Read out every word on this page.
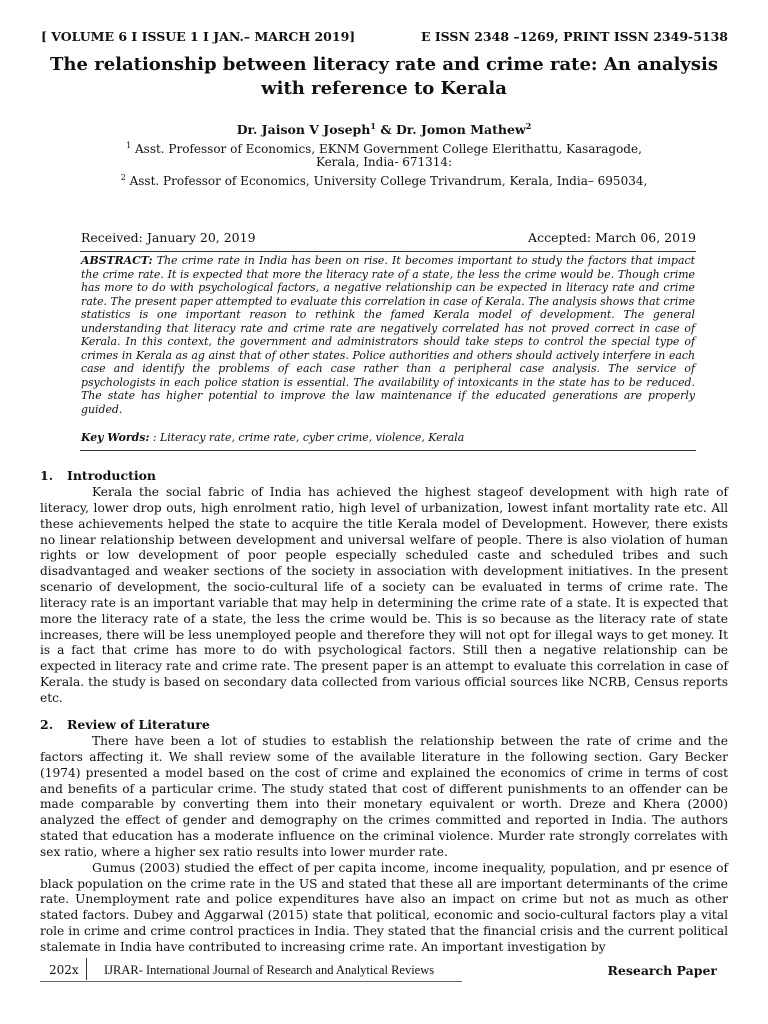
[ VOLUME 6 I ISSUE 1 I JAN.– MARCH 2019]	E ISSN 2348 –1269, PRINT ISSN 2349-5138
The relationship between literacy rate and crime rate: An analysis with reference to Kerala
Dr. Jaison V Joseph$^1$ & Dr. Jomon Mathew$^2$
$^1$ Asst. Professor of Economics, EKNM Government College Elerithattu, Kasaragode,
Kerala, India- 671314:
$^2$ Asst. Professor of Economics, University College Trivandrum, Kerala, India– 695034,
Received: January 20, 2019	Accepted: March 06, 2019
ABSTRACT: The crime rate in India has been on rise. It becomes important to study the factors that impact the crime rate. It is expected that more the literacy rate of a state, the less the crime would be. Though crime has more to do with psychological factors, a negative relationship can be expected in literacy rate and crime rate. The present paper attempted to evaluate this correlation in case of Kerala. The analysis shows that crime statistics is one important reason to rethink the famed Kerala model of development. The general understanding that literacy rate and crime rate are negatively correlated has not proved correct in case of Kerala. In this context, the government and administrators should take steps to control the special type of crimes in Kerala as ag ainst that of other states. Police authorities and others should actively interfere in each case and identify the problems of each case rather than a peripheral case analysis. The service of psychologists in each police station is essential. The availability of intoxicants in the state has to be reduced. The state has higher potential to improve the law maintenance if the educated generations are properly guided.
Key Words: : Literacy rate, crime rate, cyber crime, violence, Kerala
1. Introduction

Kerala the social fabric of India has achieved the highest stageof development with high rate of literacy, lower drop outs, high enrolment ratio, high level of urbanization, lowest infant mortality rate etc. All these achievements helped the state to acquire the title Kerala model of Development. However, there exists no linear relationship between development and universal welfare of people. There is also violation of human rights or low development of poor people especially scheduled caste and scheduled tribes and such disadvantaged and weaker sections of the society in association with development initiatives. In the present scenario of development, the socio-cultural life of a society can be evaluated in terms of crime rate. The literacy rate is an important variable that may help in determining the crime rate of a state. It is expected that more the literacy rate of a state, the less the crime would be. This is so because as the literacy rate of state increases, there will be less unemployed people and therefore they will not opt for illegal ways to get money. It is a fact that crime has more to do with psychological factors. Still then a negative relationship can be expected in literacy rate and crime rate. The present paper is an attempt to evaluate this correlation in case of Kerala. the study is based on secondary data collected from various official sources like NCRB, Census reports etc.

2. Review of Literature

There have been a lot of studies to establish the relationship between the rate of crime and the factors affecting it. We shall review some of the available literature in the following section. Gary Becker (1974) presented a model based on the cost of crime and explained the economics of crime in terms of cost and benefits of a particular crime. The study stated that cost of different punishments to an offender can be made comparable by converting them into their monetary equivalent or worth. Dreze and Khera (2000) analyzed the effect of gender and demography on the crimes committed and reported in India. The authors stated that education has a moderate influence on the criminal violence. Murder rate strongly correlates with sex ratio, where a higher sex ratio results into lower murder rate.

Gumus (2003) studied the effect of per capita income, income inequality, population, and pr esence of black population on the crime rate in the US and stated that these all are important determinants of the crime rate. Unemployment rate and police expenditures have also an impact on crime but not as much as other stated factors. Dubey and Aggarwal (2015) state that political, economic and socio-cultural factors play a vital role in crime and crime control practices in India. They stated that the financial crisis and the current political stalemate in India have contributed to increasing crime rate. An important investigation by

202x IJRAR- International Journal of Research and Analytical Reviews	Research Paper
